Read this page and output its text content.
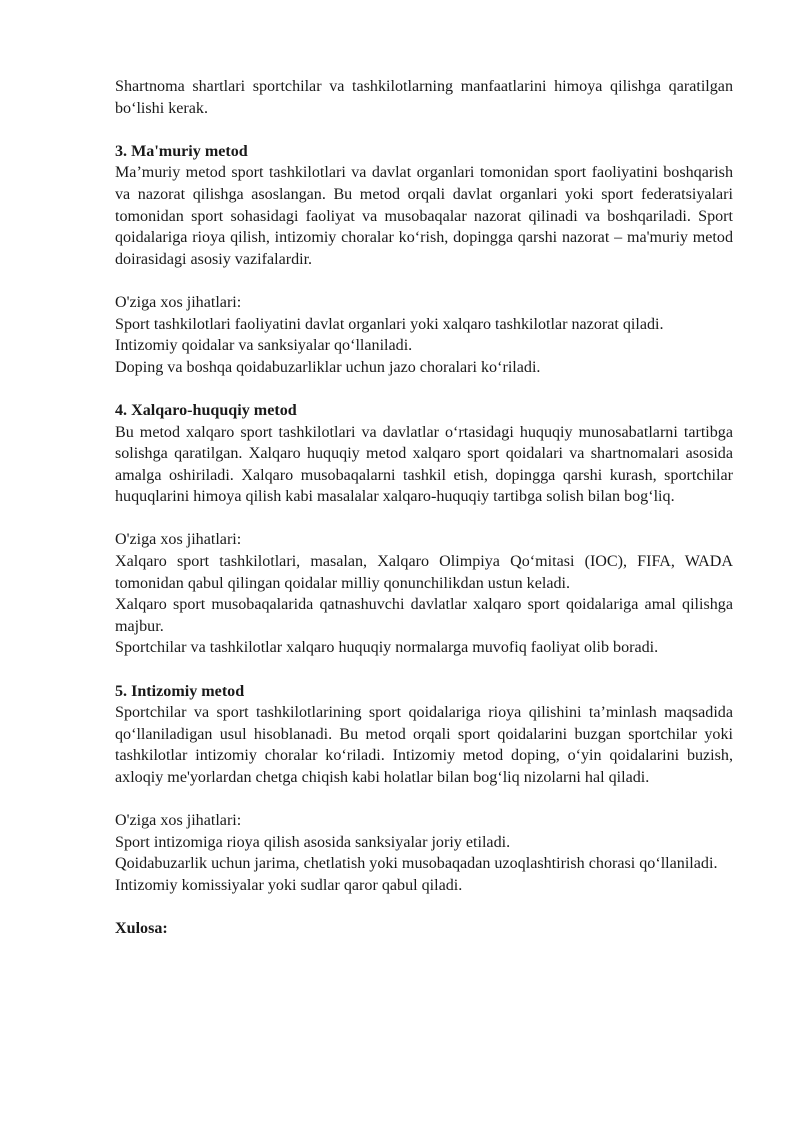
Shartnoma shartlari sportchilar va tashkilotlarning manfaatlarini himoya qilishga qaratilgan bo‘lishi kerak.

3. Ma'muriy metod

Ma’muriy metod sport tashkilotlari va davlat organlari tomonidan sport faoliyatini boshqarish va nazorat qilishga asoslangan. Bu metod orqali davlat organlari yoki sport federatsiyalari tomonidan sport sohasidagi faoliyat va musobaqalar nazorat qilinadi va boshqariladi. Sport qoidalariga rioya qilish, intizomiy choralar ko‘rish, dopingga qarshi nazorat – ma'muriy metod doirasidagi asosiy vazifalardir.

O'ziga xos jihatlari:

Sport tashkilotlari faoliyatini davlat organlari yoki xalqaro tashkilotlar nazorat qiladi.

Intizomiy qoidalar va sanksiyalar qo‘llaniladi.

Doping va boshqa qoidabuzarliklar uchun jazo choralari ko‘riladi.

4. Xalqaro-huquqiy metod

Bu metod xalqaro sport tashkilotlari va davlatlar o‘rtasidagi huquqiy munosabatlarni tartibga solishga qaratilgan. Xalqaro huquqiy metod xalqaro sport qoidalari va shartnomalari asosida amalga oshiriladi. Xalqaro musobaqalarni tashkil etish, dopingga qarshi kurash, sportchilar huquqlarini himoya qilish kabi masalalar xalqaro-huquqiy tartibga solish bilan bog‘liq.

O'ziga xos jihatlari:

Xalqaro sport tashkilotlari, masalan, Xalqaro Olimpiya Qo‘mitasi (IOC), FIFA, WADA tomonidan qabul qilingan qoidalar milliy qonunchilikdan ustun keladi.

Xalqaro sport musobaqalarida qatnashuvchi davlatlar xalqaro sport qoidalariga amal qilishga majbur.

Sportchilar va tashkilotlar xalqaro huquqiy normalarga muvofiq faoliyat olib boradi.

5. Intizomiy metod

Sportchilar va sport tashkilotlarining sport qoidalariga rioya qilishini ta’minlash maqsadida qo‘llaniladigan usul hisoblanadi. Bu metod orqali sport qoidalarini buzgan sportchilar yoki tashkilotlar intizomiy choralar ko‘riladi. Intizomiy metod doping, o‘yin qoidalarini buzish, axloqiy me'yorlardan chetga chiqish kabi holatlar bilan bog‘liq nizolarni hal qiladi.

O'ziga xos jihatlari:

Sport intizomiga rioya qilish asosida sanksiyalar joriy etiladi.

Qoidabuzarlik uchun jarima, chetlatish yoki musobaqadan uzoqlashtirish chorasi qo‘llaniladi.

Intizomiy komissiyalar yoki sudlar qaror qabul qiladi.

Xulosa:
